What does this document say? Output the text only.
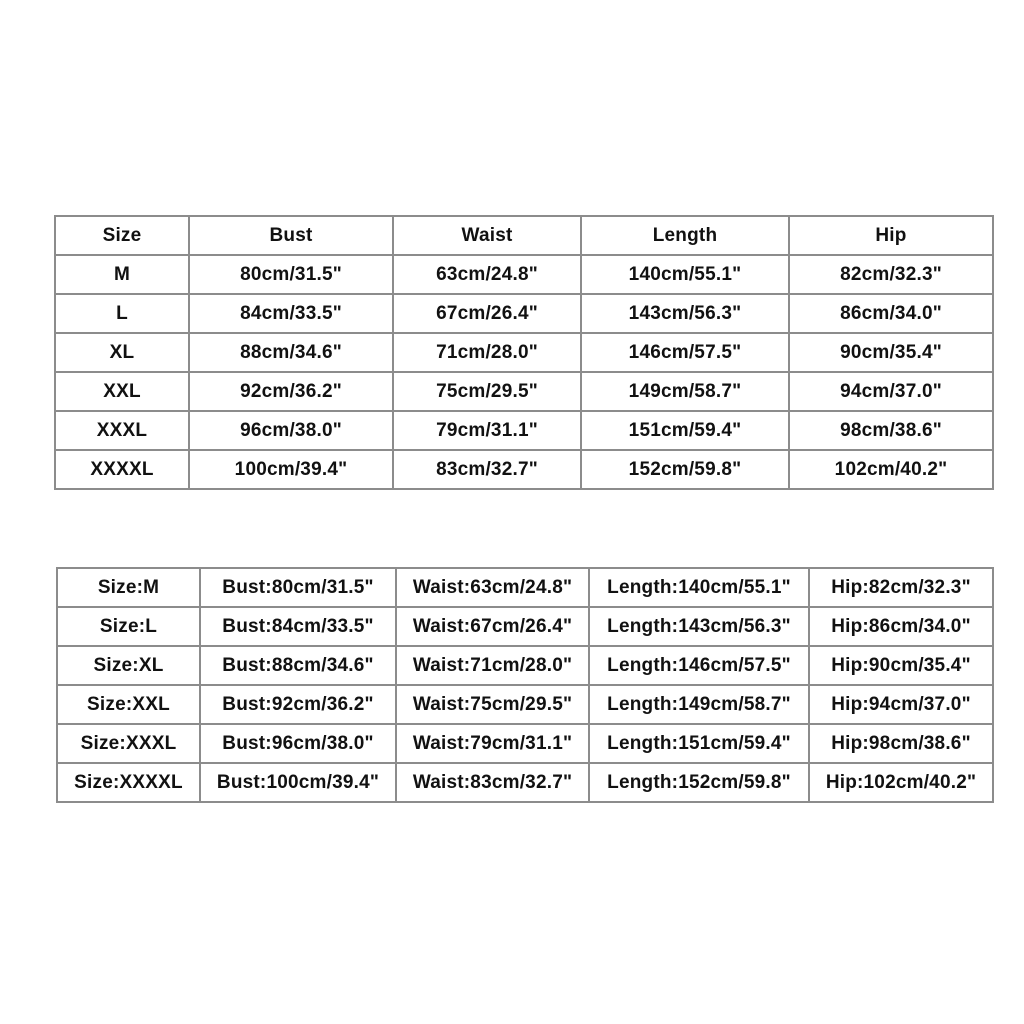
Size	Bust	Waist	Length	Hip
M	80cm/31.5"	63cm/24.8"	140cm/55.1"	82cm/32.3"
L	84cm/33.5"	67cm/26.4"	143cm/56.3"	86cm/34.0"
XL	88cm/34.6"	71cm/28.0"	146cm/57.5"	90cm/35.4"
XXL	92cm/36.2"	75cm/29.5"	149cm/58.7"	94cm/37.0"
XXXL	96cm/38.0"	79cm/31.1"	151cm/59.4"	98cm/38.6"
XXXXL	100cm/39.4"	83cm/32.7"	152cm/59.8"	102cm/40.2"
Size:M	Bust:80cm/31.5"	Waist:63cm/24.8"	Length:140cm/55.1"	Hip:82cm/32.3"
Size:L	Bust:84cm/33.5"	Waist:67cm/26.4"	Length:143cm/56.3"	Hip:86cm/34.0"
Size:XL	Bust:88cm/34.6"	Waist:71cm/28.0"	Length:146cm/57.5"	Hip:90cm/35.4"
Size:XXL	Bust:92cm/36.2"	Waist:75cm/29.5"	Length:149cm/58.7"	Hip:94cm/37.0"
Size:XXXL	Bust:96cm/38.0"	Waist:79cm/31.1"	Length:151cm/59.4"	Hip:98cm/38.6"
Size:XXXXL	Bust:100cm/39.4"	Waist:83cm/32.7"	Length:152cm/59.8"	Hip:102cm/40.2"
